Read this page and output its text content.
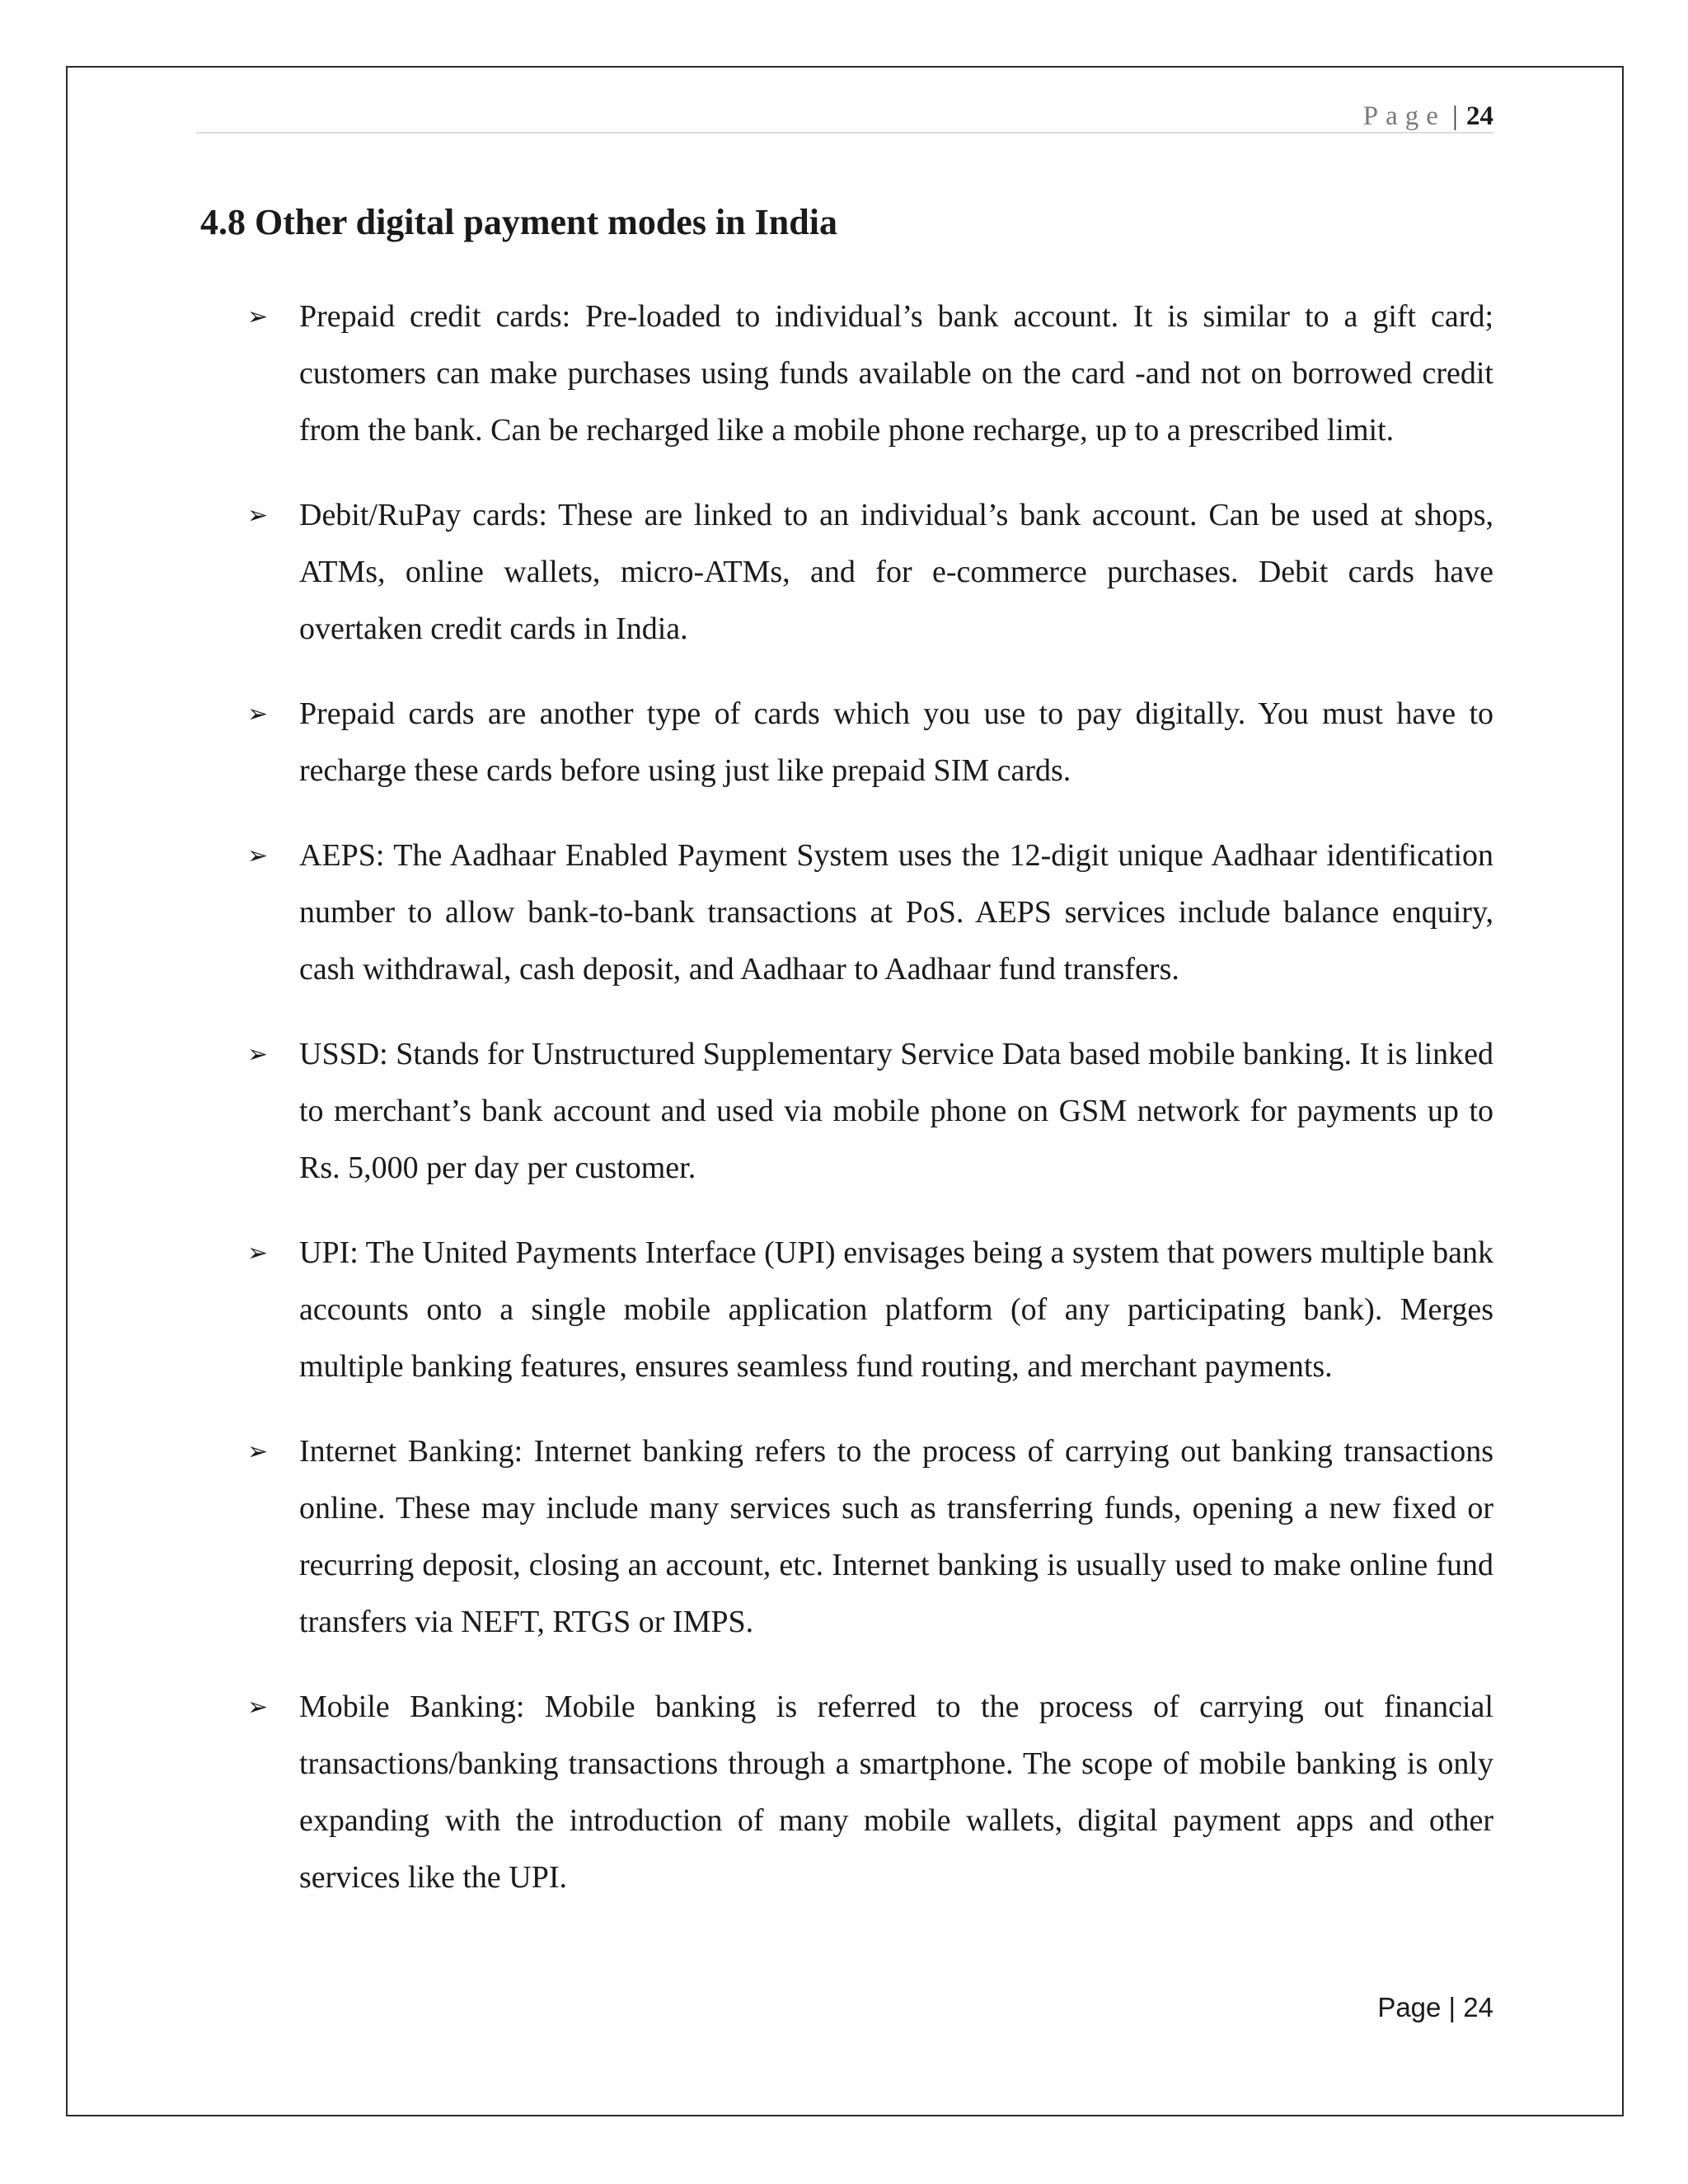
Page | 24
4.8 Other digital payment modes in India
➢ Prepaid credit cards: Pre-loaded to individual’s bank account. It is similar to a gift card; customers can make purchases using funds available on the card -and not on borrowed credit from the bank. Can be recharged like a mobile phone recharge, up to a prescribed limit.
➢ Debit/RuPay cards: These are linked to an individual’s bank account. Can be used at shops, ATMs, online wallets, micro-ATMs, and for e-commerce purchases. Debit cards have overtaken credit cards in India.
➢ Prepaid cards are another type of cards which you use to pay digitally. You must have to recharge these cards before using just like prepaid SIM cards.
➢ AEPS: The Aadhaar Enabled Payment System uses the 12-digit unique Aadhaar identification number to allow bank-to-bank transactions at PoS. AEPS services include balance enquiry, cash withdrawal, cash deposit, and Aadhaar to Aadhaar fund transfers.
➢ USSD: Stands for Unstructured Supplementary Service Data based mobile banking. It is linked to merchant’s bank account and used via mobile phone on GSM network for payments up to Rs. 5,000 per day per customer.
➢ UPI: The United Payments Interface (UPI) envisages being a system that powers multiple bank accounts onto a single mobile application platform (of any participating bank). Merges multiple banking features, ensures seamless fund routing, and merchant payments.
➢ Internet Banking: Internet banking refers to the process of carrying out banking transactions online. These may include many services such as transferring funds, opening a new fixed or recurring deposit, closing an account, etc. Internet banking is usually used to make online fund transfers via NEFT, RTGS or IMPS.
➢ Mobile Banking: Mobile banking is referred to the process of carrying out financial transactions/banking transactions through a smartphone. The scope of mobile banking is only expanding with the introduction of many mobile wallets, digital payment apps and other services like the UPI.
Page | 24
